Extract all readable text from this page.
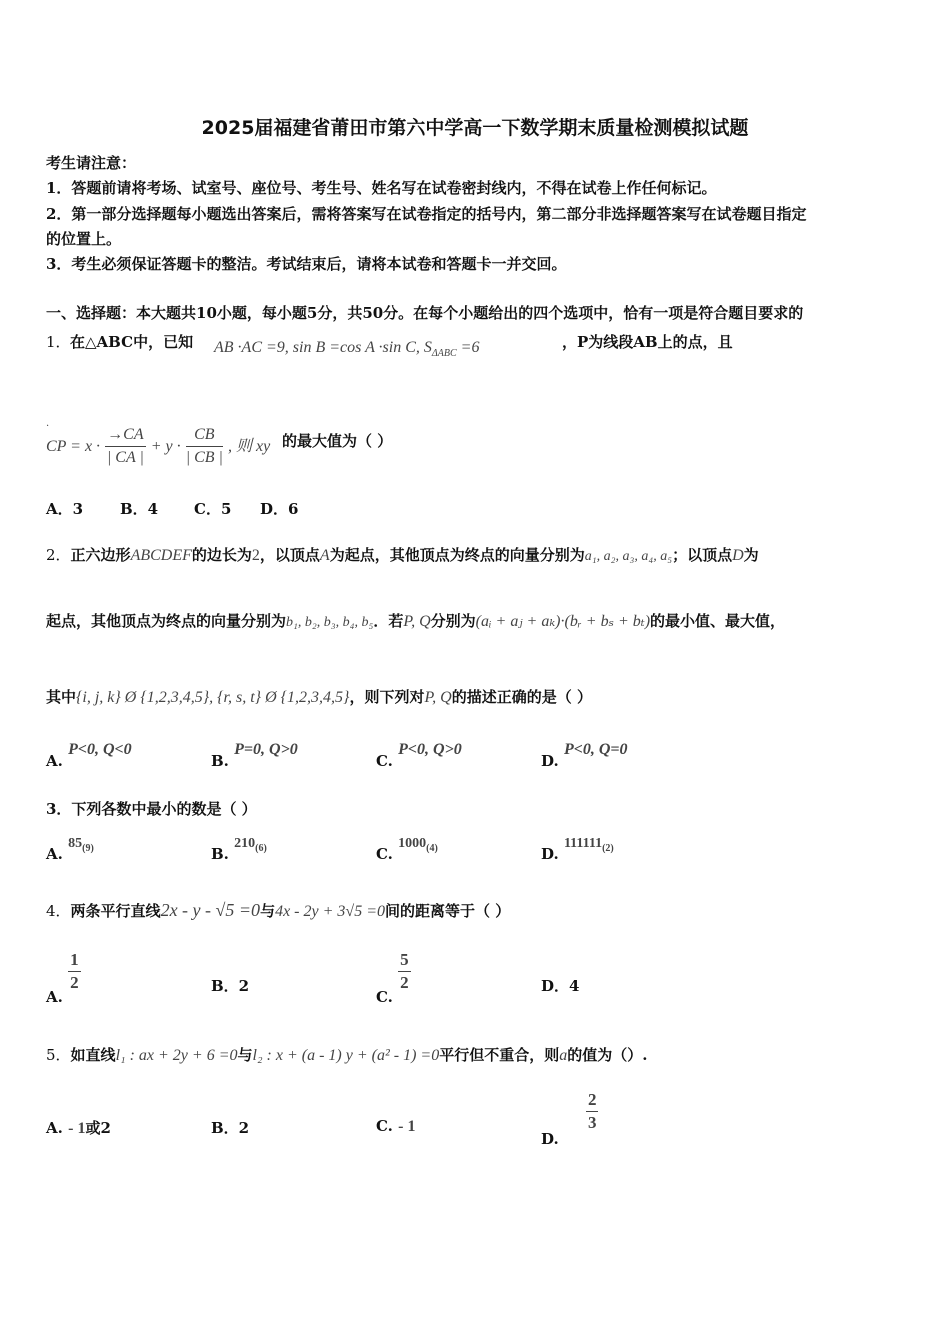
2025届福建省莆田市第六中学高一下数学期末质量检测模拟试题
考生请注意：
1．答题前请将考场、试室号、座位号、考生号、姓名写在试卷密封线内，不得在试卷上作任何标记。
2．第一部分选择题每小题选出答案后，需将答案写在试卷指定的括号内，第二部分非选择题答案写在试卷题目指定
的位置上。
3．考生必须保证答题卡的整洁。考试结束后，请将本试卷和答题卡一并交回。
一、选择题：本大题共10小题，每小题5分，共50分。在每个小题给出的四个选项中，恰有一项是符合题目要求的
1． 在△ABC中，已知 AB ·AC =9, sin B =cos A ·sin C, $S_{\Delta ABC} =6$	，P为线段AB上的点，且
.
CP = $x \cdot \frac{\to CA}{| CA |} + y \cdot \frac{CB}{| CB |}$ , 则 xy 的最大值为（ ）
A．3 B．4 C．5 D．6
2．正六边形ABCDEF的边长为2，以顶点A为起点，其他顶点为终点的向量分别为a₁, a₂, a₃, a₄, a₅；以顶点D为
起点，其他顶点为终点的向量分别为b₁, b₂, b₃, b₄, b₅．若P, Q分别为(aᵢ + aⱼ + aₖ)·(bᵣ + bₛ + bₜ)的最小值、最大值，
其中{i, j, k} Ø {1,2,3,4,5}, {r, s, t} Ø {1,2,3,4,5}，则下列对P, Q的描述正确的是（ ）
A. P<0, Q<0
B. P=0, Q>0
C. P<0, Q>0
D. P<0, Q=0
3．下列各数中最小的数是（ ）
A. $85_{(9)}$	B. $210_{(6)}$	C. $1000_{(4)}$	D. $111111_{(2)}$
4．两条平行直线2x - y - √5 =0与4x - 2y + 3√5 =0间的距离等于（ ）
A.
$\frac{1}{2}$	B．2
C.
$\frac{5}{2}$	D．4
5．如直线l₁ : ax + 2y + 6 =0与l₂ : x + (a - 1) y + (a² - 1) =0平行但不重合，则a的值为（）.
A. - 1或2	B．2	C. - 1
D.
$\frac{2}{3}$
